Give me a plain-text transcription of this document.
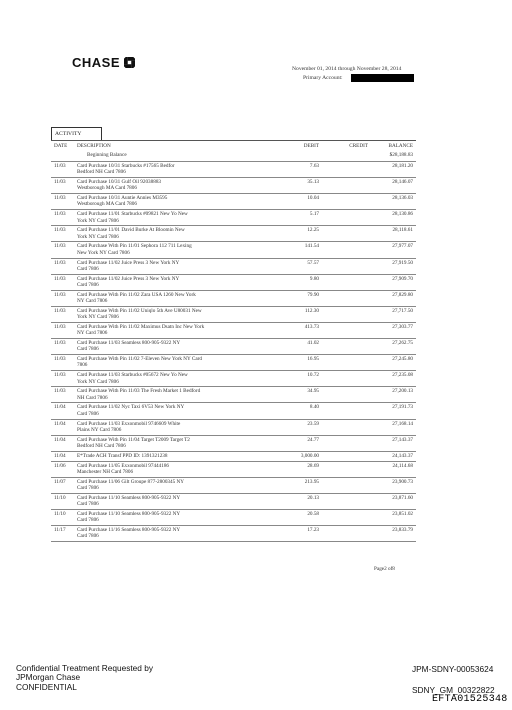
CHASE	November 01, 2014 through November 28, 2014
Primary Account:
ACTIVITY
DATE DESCRIPTION	DEBIT	CREDIT	BALANCE
Beginning Balance	$28,188.83
11/03 Card Purchase 10/31 Starbucks #17565 Bedfor
Bedford NH Card 7806
7.63	28,181.20
11/03 Card Purchase 10/31 Gulf Oil 92038883
Westborough MA Card 7806
35.13	28,146.07
11/03 Card Purchase 10/31 Auntie Annies M3595
Westborough MA Card 7806
10.04	28,136.03
11/03 Card Purchase 11/01 Starbucks #09821 New Yo New
York NY Card 7806
5.17	28,130.86
11/03 Card Purchase 11/01 David Burke At Bloomin New
York NY Card 7806
12.25	28,118.61
11/03 Card Purchase With Pin 11/01 Sephora 112 711 Lexing
New York NY Card 7806
141.54	27,977.07
11/03 Card Purchase 11/02 Juice Press 3 New York NY
Card 7806
57.57	27,919.50
11/03 Card Purchase 11/02 Juice Press 3 New York NY
Card 7806
9.80	27,909.70
11/03 Card Purchase With Pin 11/02 Zara USA 1260 New York
NY Card 7806
79.90	27,829.80
11/03 Card Purchase With Pin 11/02 Uniqlo 5th Ave U80031 New
York NY Card 7806
112.30	27,717.50
11/03 Card Purchase With Pin 11/02 Maximus Dsatn Inc New York
NY Card 7806
413.73	27,303.77
11/03 Card Purchase 11/03 Seamless 800-905-9322 NY
Card 7806
41.02	27,262.75
11/03 Card Purchase With Pin 11/02 7-Eleven New York NY Card
7806
16.95	27,245.80
11/03 Card Purchase 11/03 Starbucks #05672 New Yo New
York NY Card 7806
10.72	27,235.08
11/03 Card Purchase With Pin 11/03 The Fresh Market 1 Bedford
NH Card 7806
34.95	27,200.13
11/04 Card Purchase 11/02 Nyc Taxi 6V53 New York NY
Card 7806
8.40	27,191.73
11/04 Card Purchase 11/03 Exxonmobil 9746609 White
Plains NY Card 7806
23.59	27,168.14
11/04 Card Purchase With Pin 11/04 Target T2009 Target T2
Bedford NH Card 7806
24.77	27,143.37
11/04 E*Trade ACH Transf PPD ID: 1391321238	3,000.00	24,143.37
11/06 Card Purchase 11/05 Exxonmobil 97444186
Manchester NH Card 7806
28.69	24,114.68
11/07 Card Purchase 11/06 Gilt Groupe 877-2800345 NY
Card 7806
213.95	23,900.73
11/10 Card Purchase 11/10 Seamless 800-905-9322 NY
Card 7806
20.13	23,871.60
11/10 Card Purchase 11/10 Seamless 800-905-9322 NY
Card 7806
20.58	23,851.02
11/17 Card Purchase 11/16 Seamless 800-905-9322 NY
Card 7806
17.23	23,833.79
Page2 of8
Confidential Treatment Requested by
JPMorgan Chase
CONFIDENTIAL
JPM-SDNY-00053624
SDNY_GM_00322822
EFTA01525348
